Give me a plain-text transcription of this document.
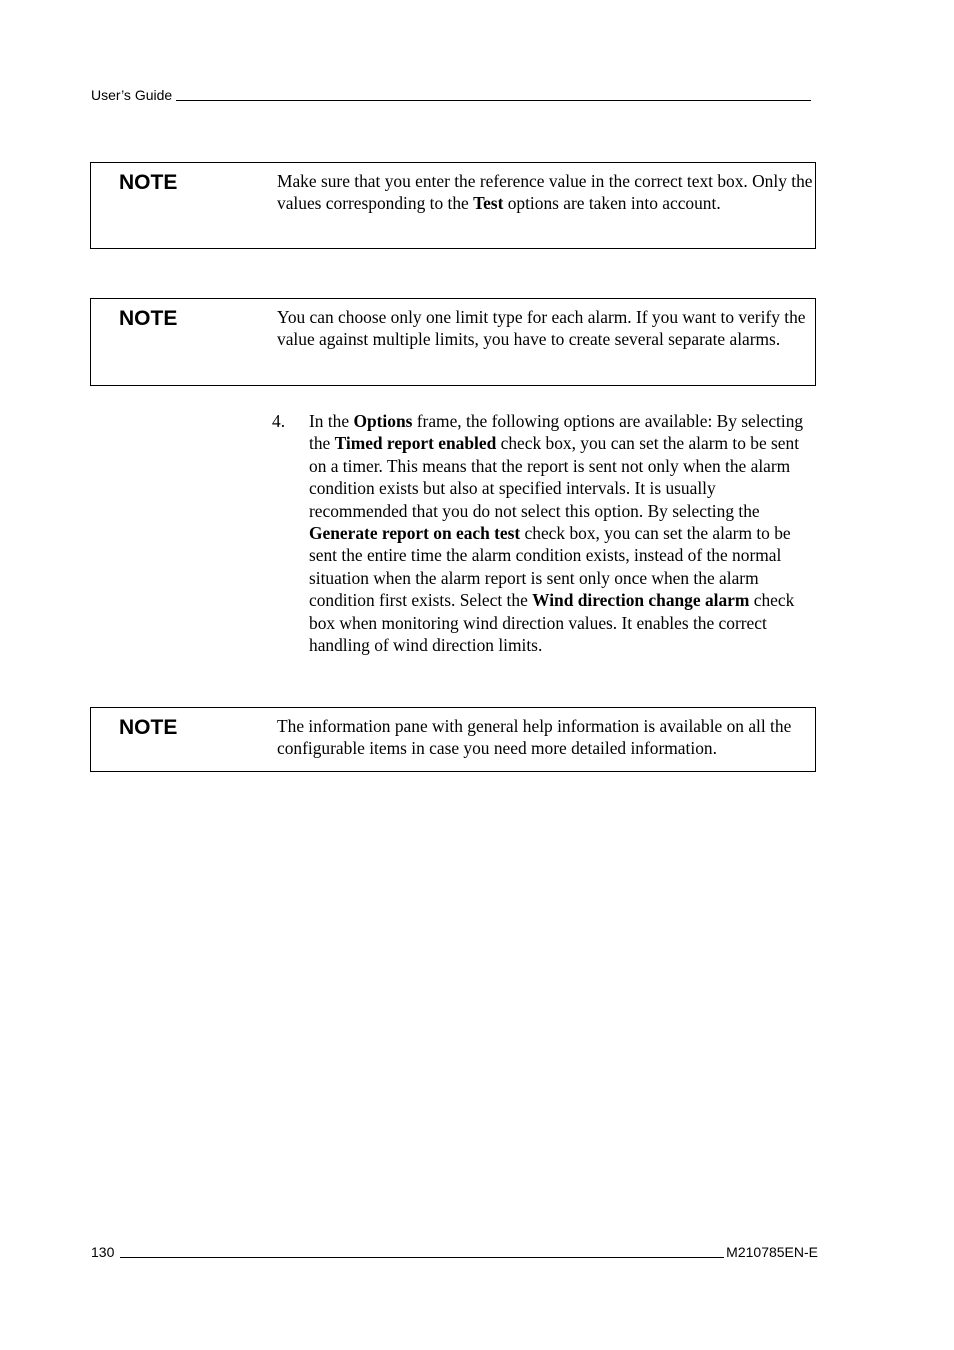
User’s Guide
NOTE	Make sure that you enter the reference value in the correct text box. Only the values corresponding to the Test options are taken into account.
NOTE	You can choose only one limit type for each alarm. If you want to verify the value against multiple limits, you have to create several separate alarms.
4. In the Options frame, the following options are available: By selecting the Timed report enabled check box, you can set the alarm to be sent on a timer. This means that the report is sent not only when the alarm condition exists but also at specified intervals. It is usually recommended that you do not select this option. By selecting the Generate report on each test check box, you can set the alarm to be sent the entire time the alarm condition exists, instead of the normal situation when the alarm report is sent only once when the alarm condition first exists. Select the Wind direction change alarm check box when monitoring wind direction values. It enables the correct handling of wind direction limits.
NOTE	The information pane with general help information is available on all the configurable items in case you need more detailed information.
130	M210785EN-E
